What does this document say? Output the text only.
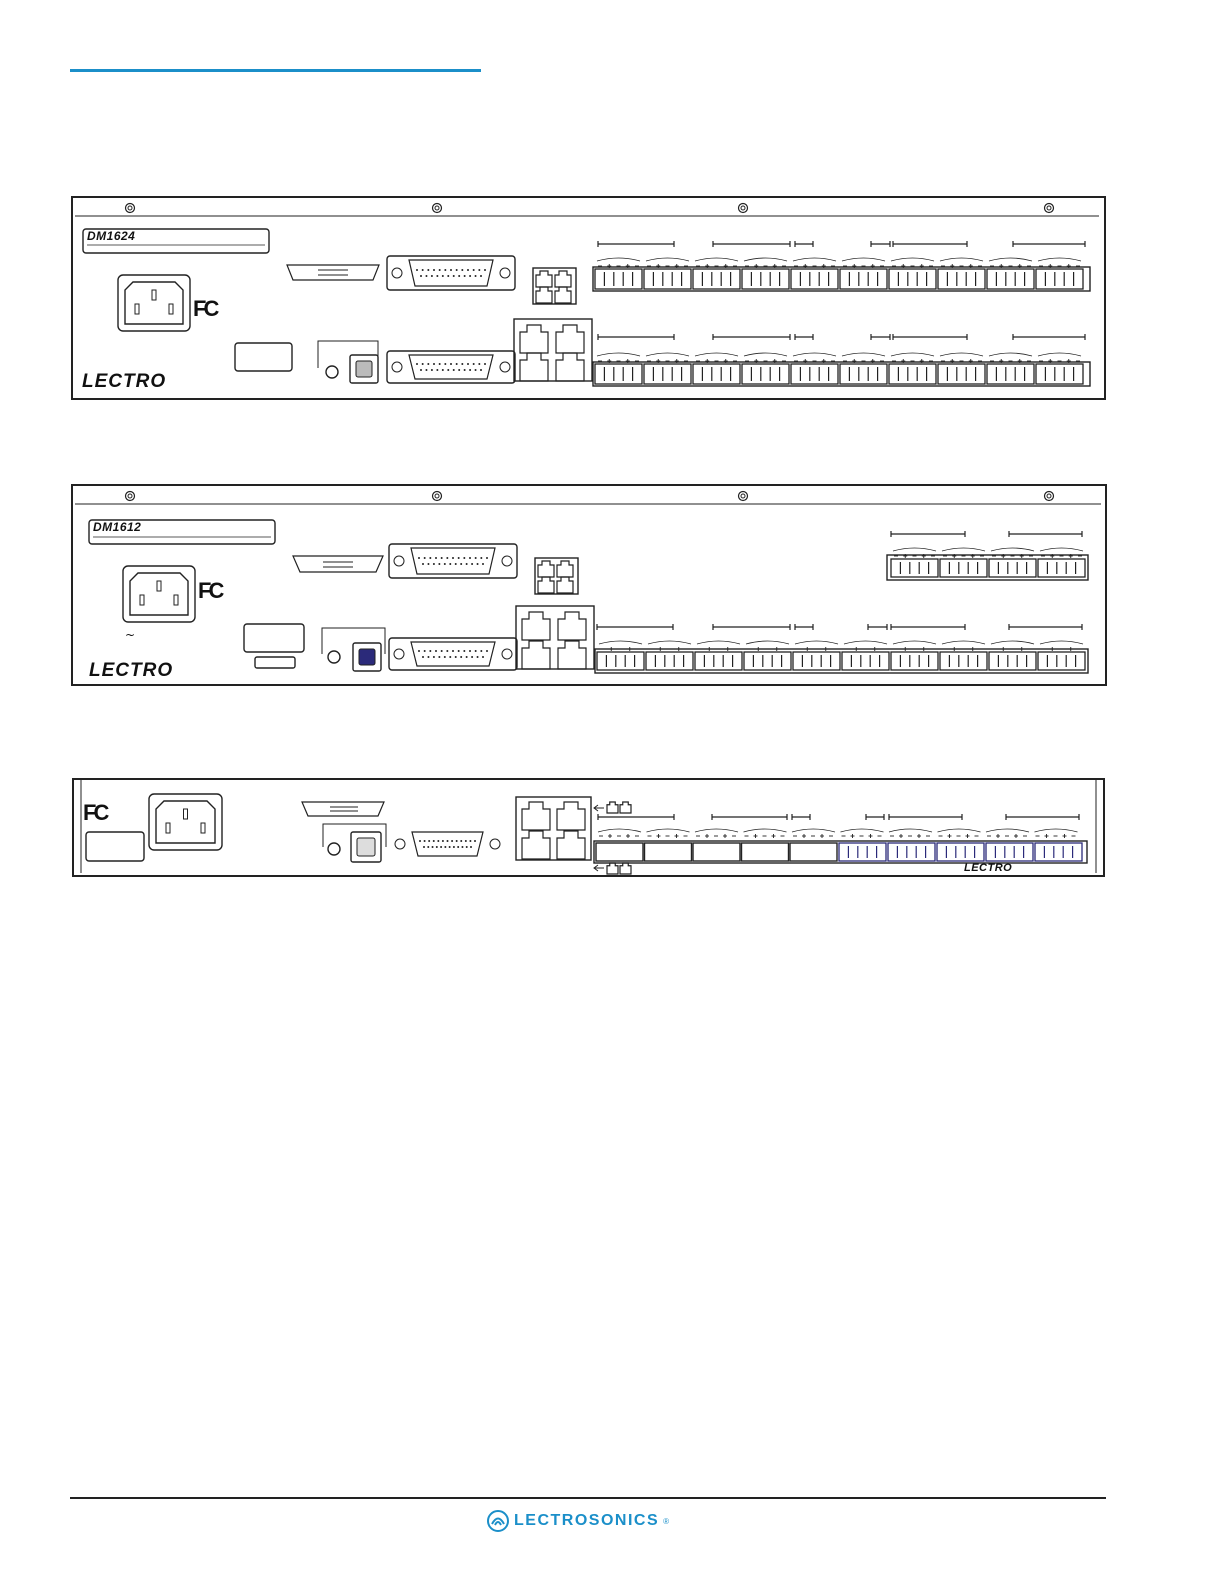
DM1624
FC
LECTRO
DM1612
FC
~
LECTRO
FC
LECTRO
LECTROSONICS ®
